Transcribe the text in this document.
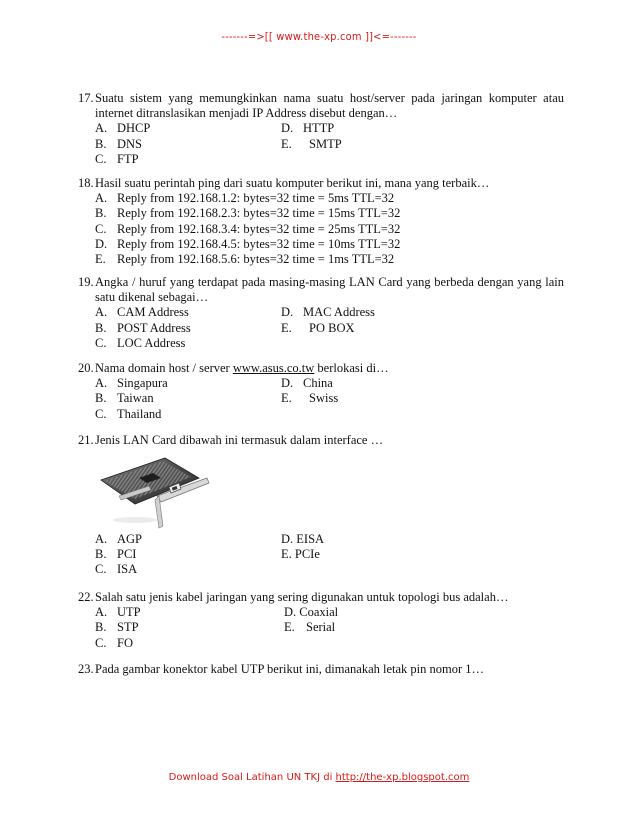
-------=>[[ www.the-xp.com ]]<=-------
17. Suatu sistem yang memungkinkan nama suatu host/server pada jaringan komputer atau internet ditranslasikan menjadi IP Address disebut dengan…
A. DHCP	D. HTTP
B. DNS	E.	SMTP
C. FTP
18. Hasil suatu perintah ping dari suatu komputer berikut ini, mana yang terbaik…
A. Reply from 192.168.1.2: bytes=32 time = 5ms TTL=32
B. Reply from 192.168.2.3: bytes=32 time = 15ms TTL=32
C. Reply from 192.168.3.4: bytes=32 time = 25ms TTL=32
D. Reply from 192.168.4.5: bytes=32 time = 10ms TTL=32
E. Reply from 192.168.5.6: bytes=32 time = 1ms TTL=32
19. Angka / huruf yang terdapat pada masing-masing LAN Card yang berbeda dengan yang lain satu dikenal sebagai…
A. CAM Address	D. MAC Address
B. POST Address	E.	PO BOX
C. LOC Address
20. Nama domain host / server www.asus.co.tw berlokasi di…
A. Singapura	D. China
B. Taiwan	E.	Swiss
C. Thailand
21. Jenis LAN Card dibawah ini termasuk dalam interface …
A. AGP	D. EISA
B. PCI	E. PCIe
C. ISA
22. Salah satu jenis kabel jaringan yang sering digunakan untuk topologi bus adalah…
A. UTP	D. Coaxial
B. STP	E. Serial
C. FO
23. Pada gambar konektor kabel UTP berikut ini, dimanakah letak pin nomor 1…
Download Soal Latihan UN TKJ di http://the-xp.blogspot.com
